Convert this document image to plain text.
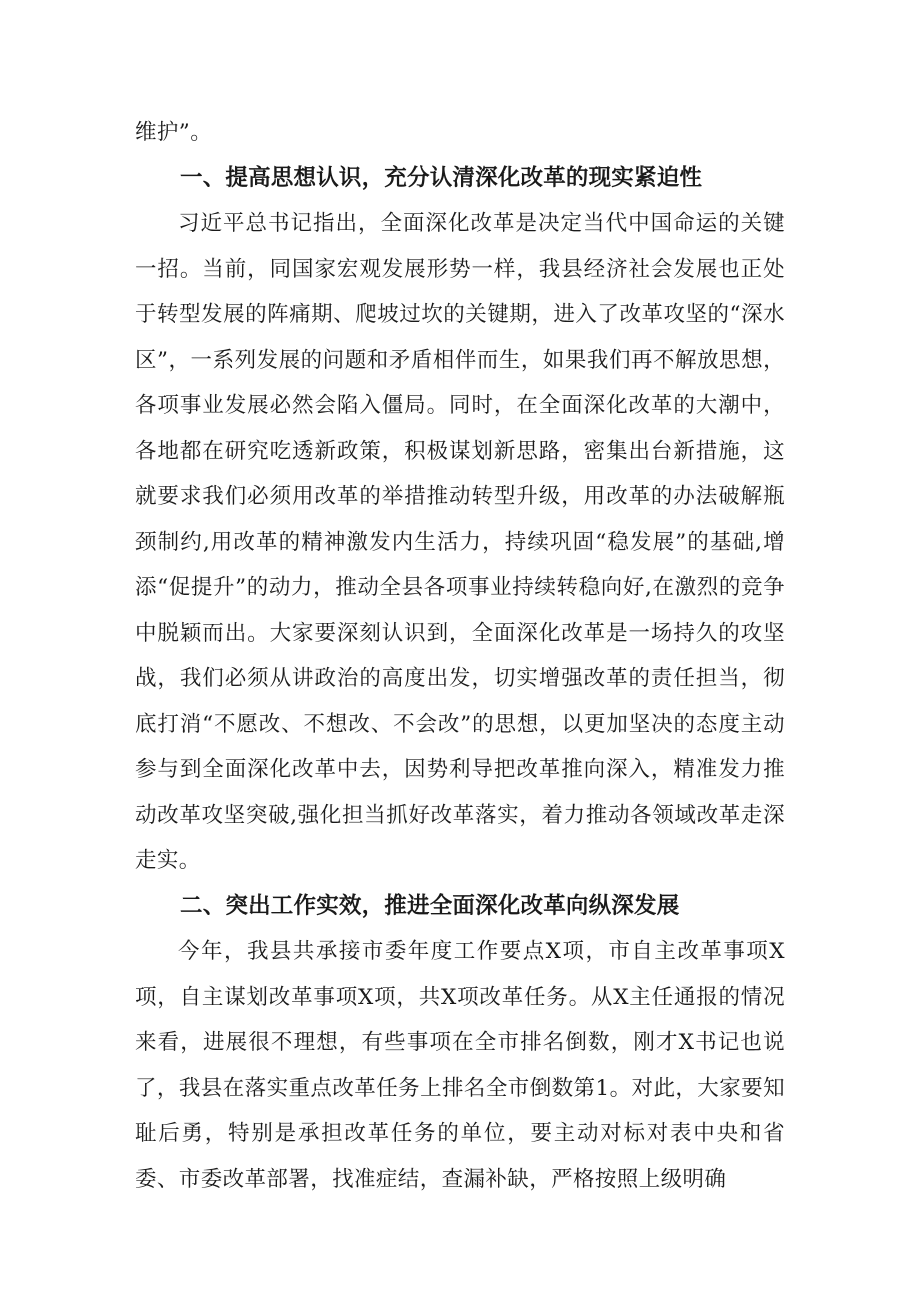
维护”。

一、提高思想认识，充分认清深化改革的现实紧迫性

习近平总书记指出，全面深化改革是决定当代中国命运的关键一招。当前，同国家宏观发展形势一样，我县经济社会发展也正处于转型发展的阵痛期、爬坡过坎的关键期，进入了改革攻坚的“深水区”，一系列发展的问题和矛盾相伴而生，如果我们再不解放思想，各项事业发展必然会陷入僵局。同时，在全面深化改革的大潮中，各地都在研究吃透新政策，积极谋划新思路，密集出台新措施，这就要求我们必须用改革的举措推动转型升级，用改革的办法破解瓶颈制约,用改革的精神激发内生活力，持续巩固“稳发展”的基础,增添“促提升”的动力，推动全县各项事业持续转稳向好,在激烈的竞争中脱颖而出。大家要深刻认识到，全面深化改革是一场持久的攻坚战，我们必须从讲政治的高度出发，切实增强改革的责任担当，彻底打消“不愿改、不想改、不会改”的思想，以更加坚决的态度主动参与到全面深化改革中去，因势利导把改革推向深入，精准发力推动改革攻坚突破,强化担当抓好改革落实，着力推动各领域改革走深走实。

二、突出工作实效，推进全面深化改革向纵深发展

今年，我县共承接市委年度工作要点X项，市自主改革事项X项，自主谋划改革事项X项，共X项改革任务。从X主任通报的情况来看，进展很不理想，有些事项在全市排名倒数，刚才X书记也说了，我县在落实重点改革任务上排名全市倒数第1。对此，大家要知耻后勇，特别是承担改革任务的单位，要主动对标对表中央和省委、市委改革部署，找准症结，查漏补缺，严格按照上级明确
